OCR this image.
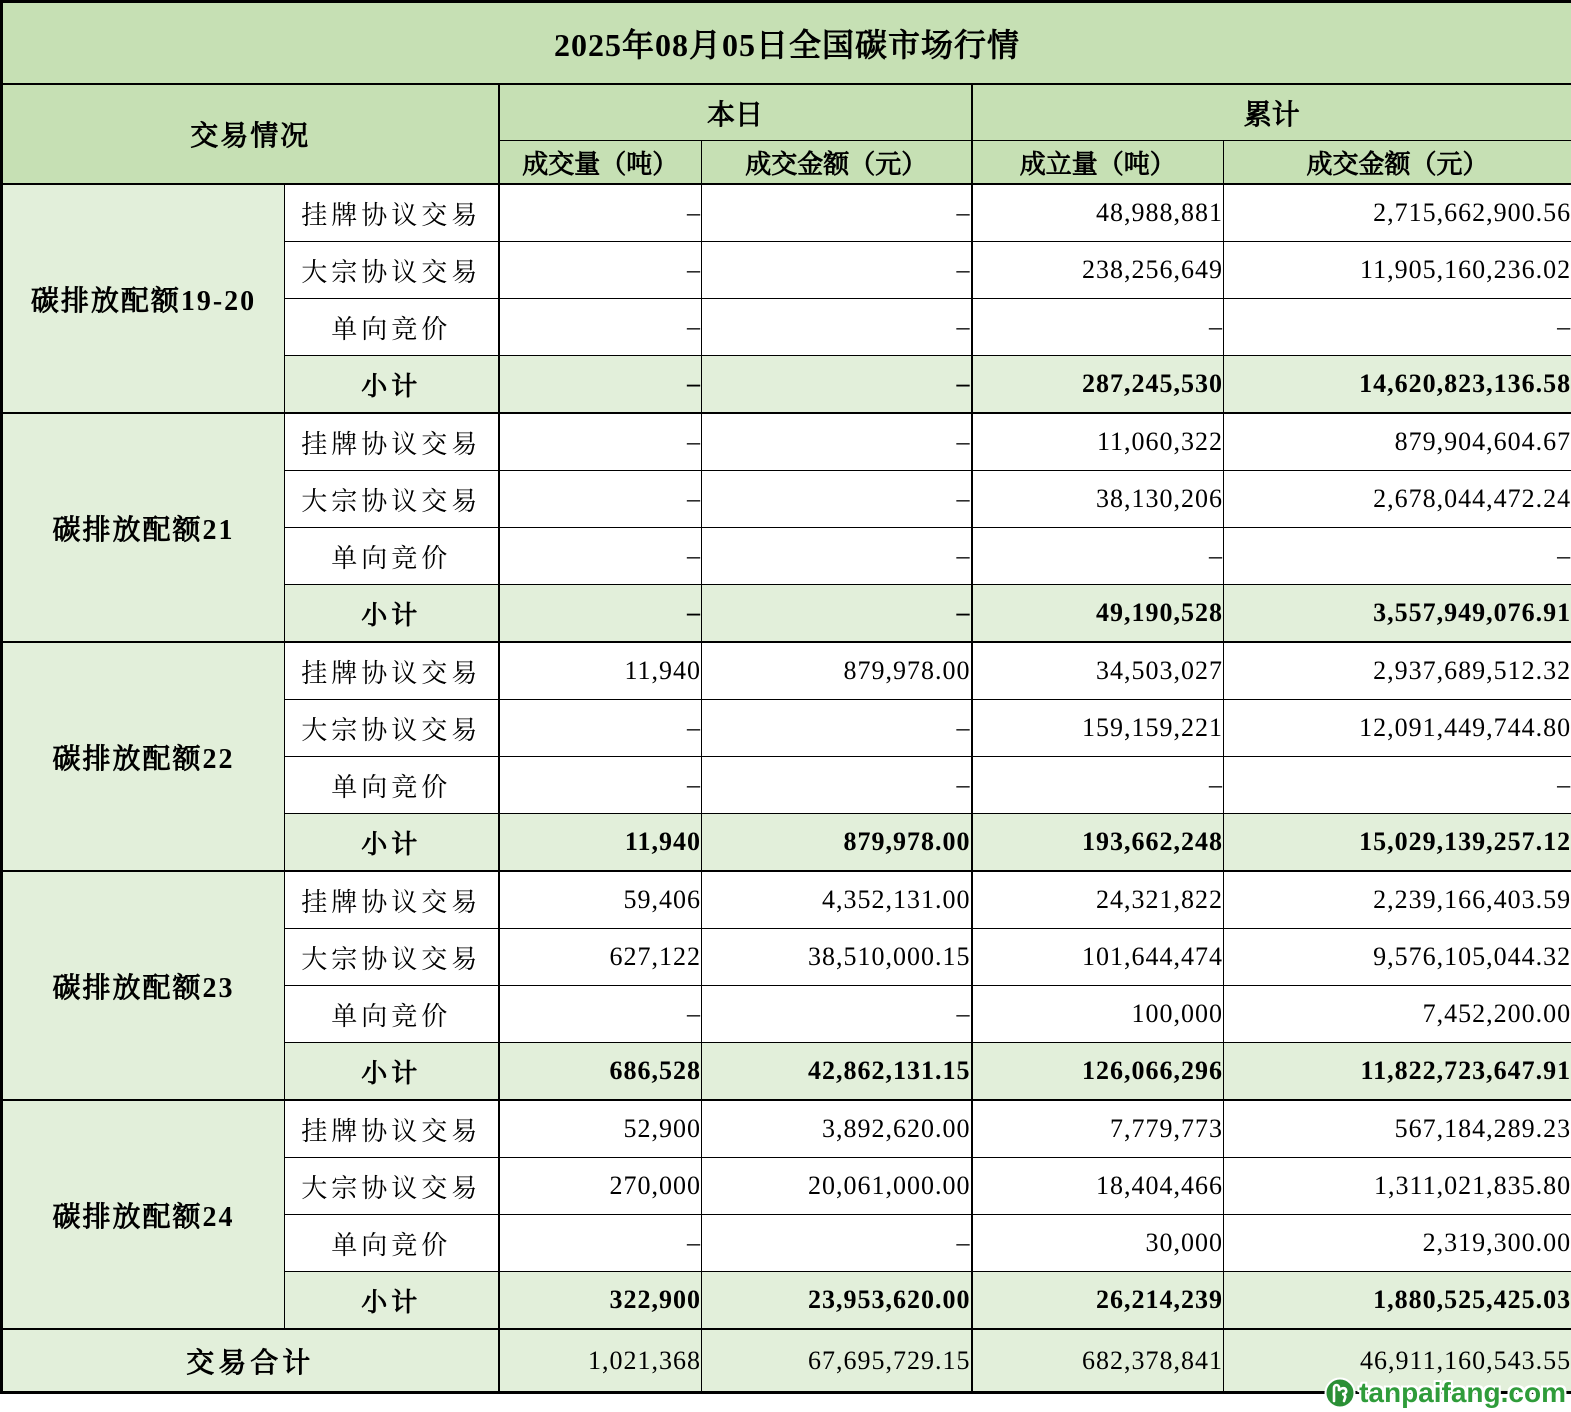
2025年08月05日全国碳市场行情					
交易情况		本日		累计	
		成交量（吨）	成交金额（元）	成立量（吨）	成交金额（元）
碳排放配额19-20	挂牌协议交易	–	–	48,988,881	2,715,662,900.56
	大宗协议交易	–	–	238,256,649	11,905,160,236.02
	单向竞价	–	–	–	–
	小计	–	–	287,245,530	14,620,823,136.58
碳排放配额21	挂牌协议交易	–	–	11,060,322	879,904,604.67
	大宗协议交易	–	–	38,130,206	2,678,044,472.24
	单向竞价	–	–	–	–
	小计	–	–	49,190,528	3,557,949,076.91
碳排放配额22	挂牌协议交易	11,940	879,978.00	34,503,027	2,937,689,512.32
	大宗协议交易	–	–	159,159,221	12,091,449,744.80
	单向竞价	–	–	–	–
	小计	11,940	879,978.00	193,662,248	15,029,139,257.12
碳排放配额23	挂牌协议交易	59,406	4,352,131.00	24,321,822	2,239,166,403.59
	大宗协议交易	627,122	38,510,000.15	101,644,474	9,576,105,044.32
	单向竞价	–	–	100,000	7,452,200.00
	小计	686,528	42,862,131.15	126,066,296	11,822,723,647.91
碳排放配额24	挂牌协议交易	52,900	3,892,620.00	7,779,773	567,184,289.23
	大宗协议交易	270,000	20,061,000.00	18,404,466	1,311,021,835.80
	单向竞价	–	–	30,000	2,319,300.00
	小计	322,900	23,953,620.00	26,214,239	1,880,525,425.03
交易合计		1,021,368	67,695,729.15	682,378,841	46,911,160,543.55
tanpaifang.com
